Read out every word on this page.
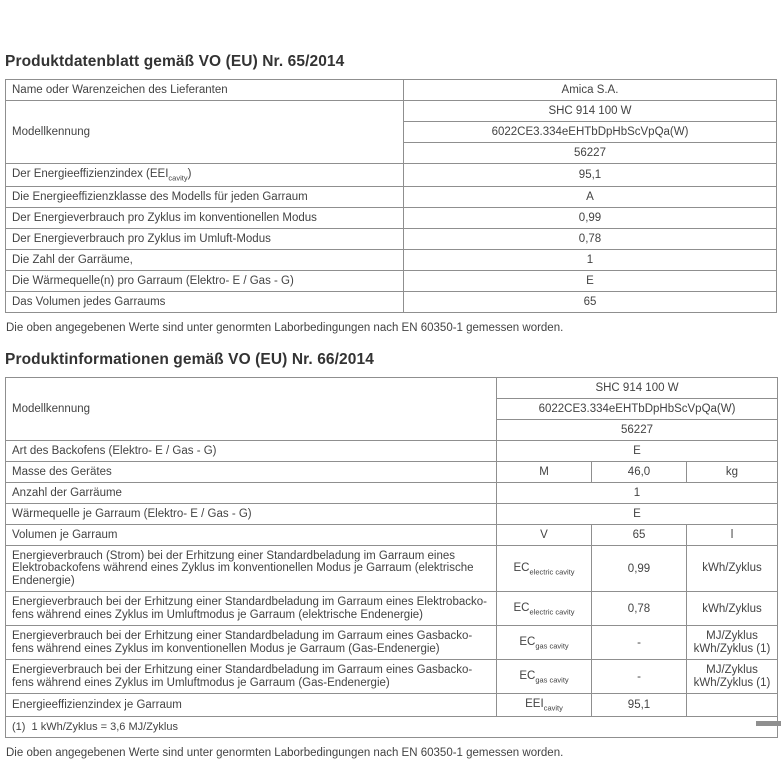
Produktdatenblatt gemäß VO (EU) Nr. 65/2014
Name oder Warenzeichen des Lieferanten	Amica S.A.
Modellkennung	SHC 914 100 W
	6022CE3.334eEHTbDpHbScVpQa(W)
	56227
Der Energieeffizienzindex $(EEI_{cavity})$	95,1
Die Energieeffizienzklasse des Modells für jeden Garraum	A
Der Energieverbrauch pro Zyklus im konventionellen Modus	0,99
Der Energieverbrauch pro Zyklus im Umluft-Modus	0,78
Die Zahl der Garräume,	1
Die Wärmequelle(n) pro Garraum (Elektro- E / Gas - G)	E
Das Volumen jedes Garraums	65

Die oben angegebenen Werte sind unter genormten Laborbedingungen nach EN 60350-1 gemessen worden.

Produktinformationen gemäß VO (EU) Nr. 66/2014
Modellkennung	SHC 914 100 W		
	6022CE3.334eEHTbDpHbScVpQa(W)		
	56227		
Art des Backofens (Elektro- E / Gas - G)	E		
Masse des Gerätes	M	46,0	kg
Anzahl der Garräume	1		
Wärmequelle je Garraum (Elektro- E / Gas - G)	E		
Volumen je Garraum	V	65	l
Energieverbrauch (Strom) bei der Erhitzung einer Standardbeladung im Garraum eines Elektrobackofens während eines Zyklus im konventionellen Modus je Garraum (elektrische Endenergie)	$EC_{electric cavity}$	0,99	kWh/Zyklus

Energieverbrauch bei der Erhitzung einer Standardbeladung im Garraum eines Elektrobacko-fens während eines Zyklus im Umluftmodus je Garraum (elektrische Endenergie)	$EC_{electric cavity}$	0,78	kWh/Zyklus

Energieverbrauch bei der Erhitzung einer Standardbeladung im Garraum eines Gasbacko-fens während eines Zyklus im konventionellen Modus je Garraum (Gas-Endenergie)	$EC_{gas cavity}$	-	MJ/Zyklus
kWh/Zyklus (1)

Energieverbrauch bei der Erhitzung einer Standardbeladung im Garraum eines Gasbacko-fens während eines Zyklus im Umluftmodus je Garraum (Gas-Endenergie)	$EC_{gas cavity}$	-	MJ/Zyklus
kWh/Zyklus (1)

Energieeffizienzindex je Garraum	$EEI_{cavity}$	95,1	
(1)  1 kWh/Zyklus = 3,6 MJ/Zyklus			

Die oben angegebenen Werte sind unter genormten Laborbedingungen nach EN 60350-1 gemessen worden.
